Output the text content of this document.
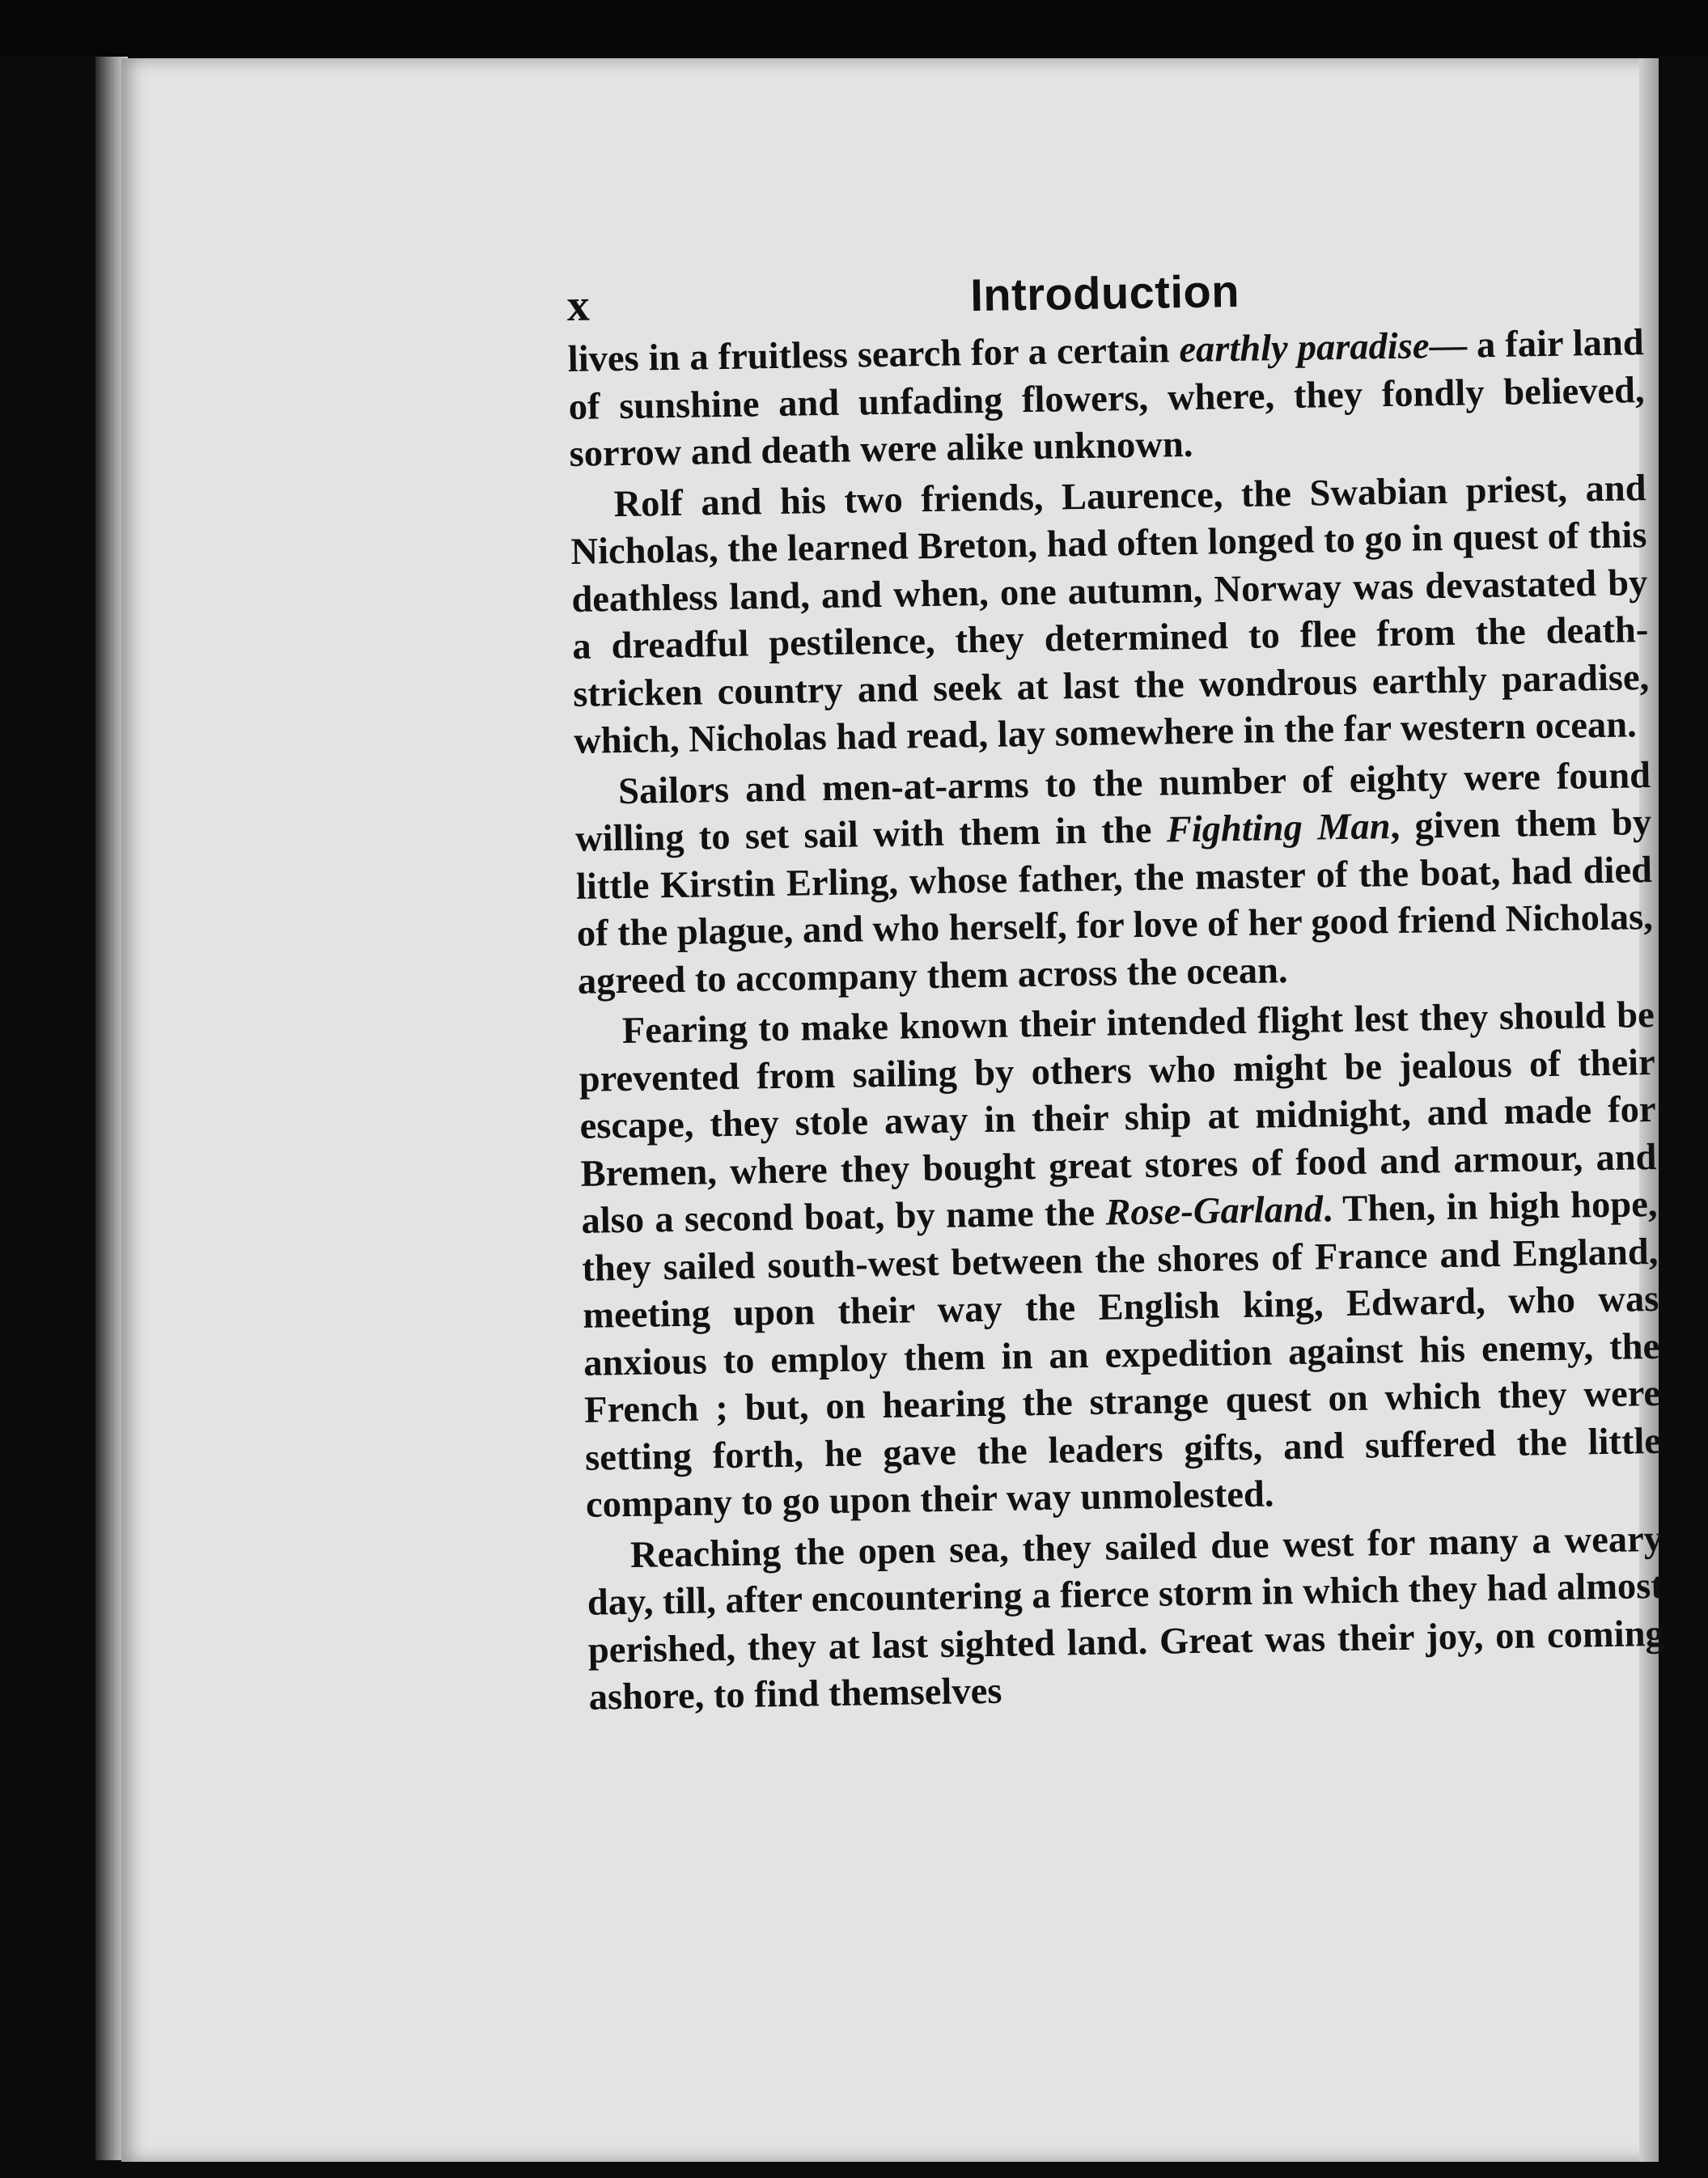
x	Introduction

lives in a fruitless search for a certain earthly paradise— a fair land of sunshine and unfading flowers, where, they fondly believed, sorrow and death were alike unknown.

Rolf and his two friends, Laurence, the Swabian priest, and Nicholas, the learned Breton, had often longed to go in quest of this deathless land, and when, one autumn, Norway was devastated by a dreadful pestilence, they determined to flee from the death-stricken country and seek at last the wondrous earthly paradise, which, Nicholas had read, lay somewhere in the far western ocean.

Sailors and men-at-arms to the number of eighty were found willing to set sail with them in the Fighting Man, given them by little Kirstin Erling, whose father, the master of the boat, had died of the plague, and who herself, for love of her good friend Nicholas, agreed to accompany them across the ocean.

Fearing to make known their intended flight lest they should be prevented from sailing by others who might be jealous of their escape, they stole away in their ship at midnight, and made for Bremen, where they bought great stores of food and armour, and also a second boat, by name the Rose-Garland. Then, in high hope, they sailed south-west between the shores of France and England, meeting upon their way the English king, Edward, who was anxious to employ them in an expedition against his enemy, the French ; but, on hearing the strange quest on which they were setting forth, he gave the leaders gifts, and suffered the little company to go upon their way unmolested.

Reaching the open sea, they sailed due west for many a weary day, till, after encountering a fierce storm in which they had almost perished, they at last sighted land. Great was their joy, on coming ashore, to find themselves
